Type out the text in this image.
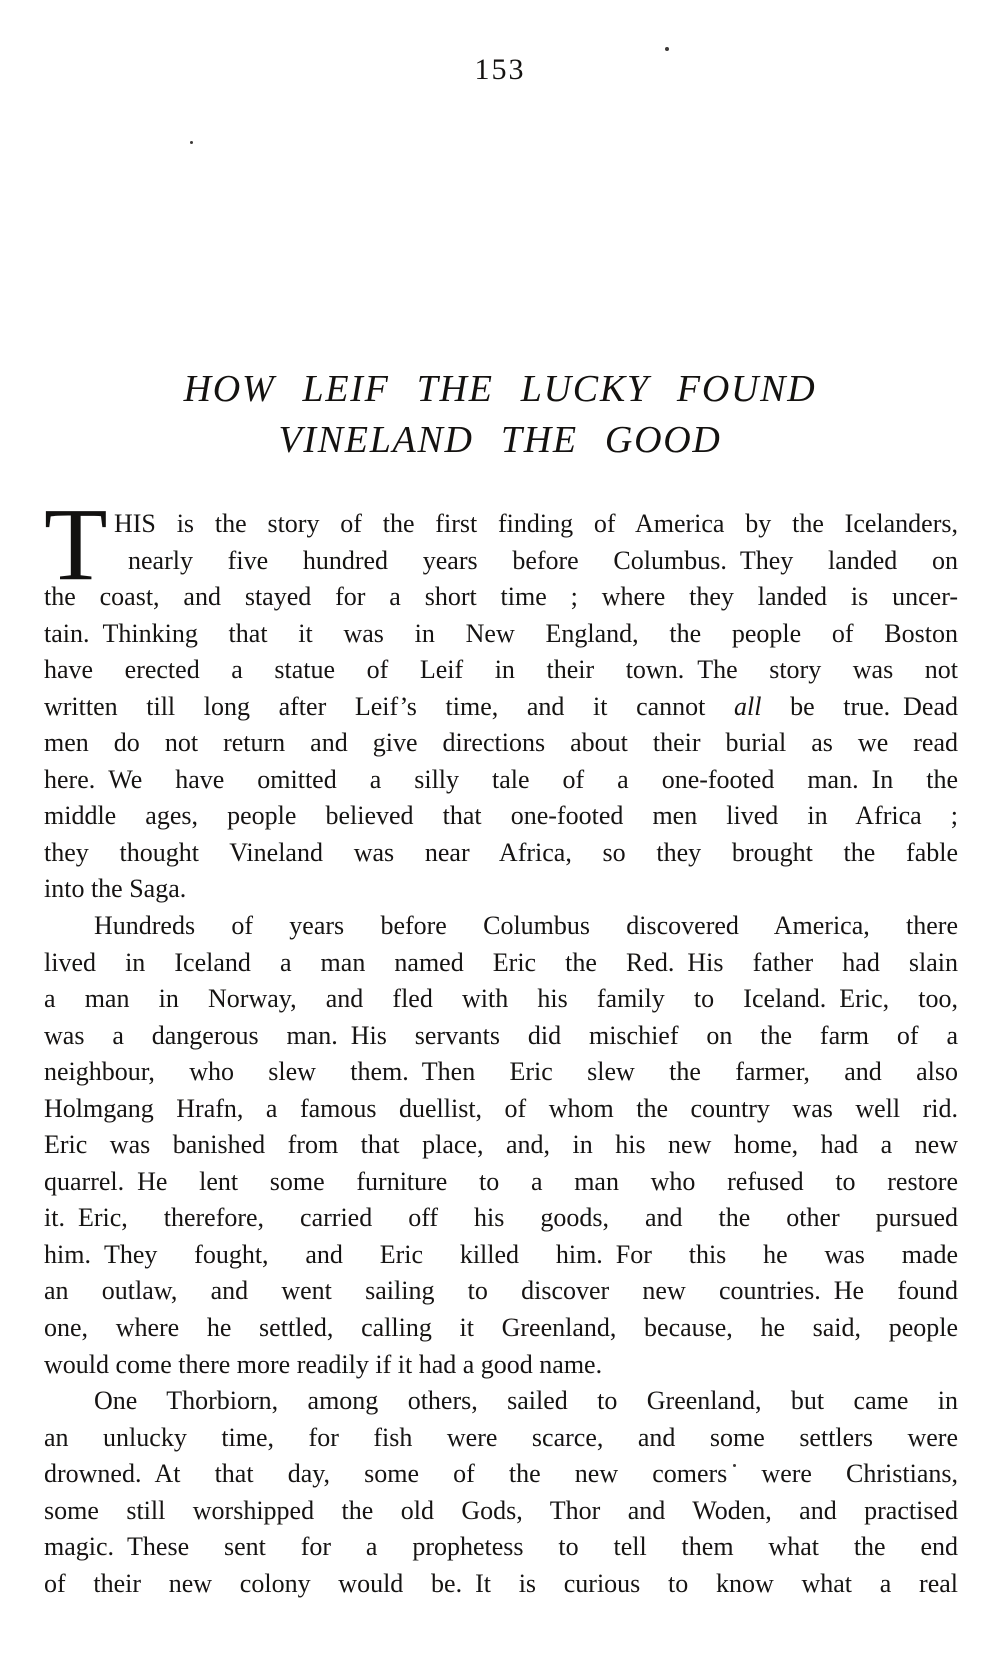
153
HOW LEIF THE LUCKY FOUND
VINELAND THE GOOD
T HIS is the story of the first finding of America by the Icelanders,
nearly five hundred years before Columbus. They landed on
the coast, and stayed for a short time ; where they landed is uncer-
tain. Thinking that it was in New England, the people of Boston
have erected a statue of Leif in their town. The story was not
written till long after Leif’s time, and it cannot all be true. Dead
men do not return and give directions about their burial as we read
here. We have omitted a silly tale of a one-footed man. In the
middle ages, people believed that one-footed men lived in Africa ;
they thought Vineland was near Africa, so they brought the fable
into the Saga.
Hundreds of years before Columbus discovered America, there
lived in Iceland a man named Eric the Red. His father had slain
a man in Norway, and fled with his family to Iceland. Eric, too,
was a dangerous man. His servants did mischief on the farm of a
neighbour, who slew them. Then Eric slew the farmer, and also
Holmgang Hrafn, a famous duellist, of whom the country was well rid.
Eric was banished from that place, and, in his new home, had a new
quarrel. He lent some furniture to a man who refused to restore
it. Eric, therefore, carried off his goods, and the other pursued
him. They fought, and Eric killed him. For this he was made
an outlaw, and went sailing to discover new countries. He found
one, where he settled, calling it Greenland, because, he said, people
would come there more readily if it had a good name.
One Thorbiorn, among others, sailed to Greenland, but came in
an unlucky time, for fish were scarce, and some settlers were
drowned. At that day, some of the new comers were Christians,
some still worshipped the old Gods, Thor and Woden, and practised
magic. These sent for a prophetess to tell them what the end
of their new colony would be. It is curious to know what a real
